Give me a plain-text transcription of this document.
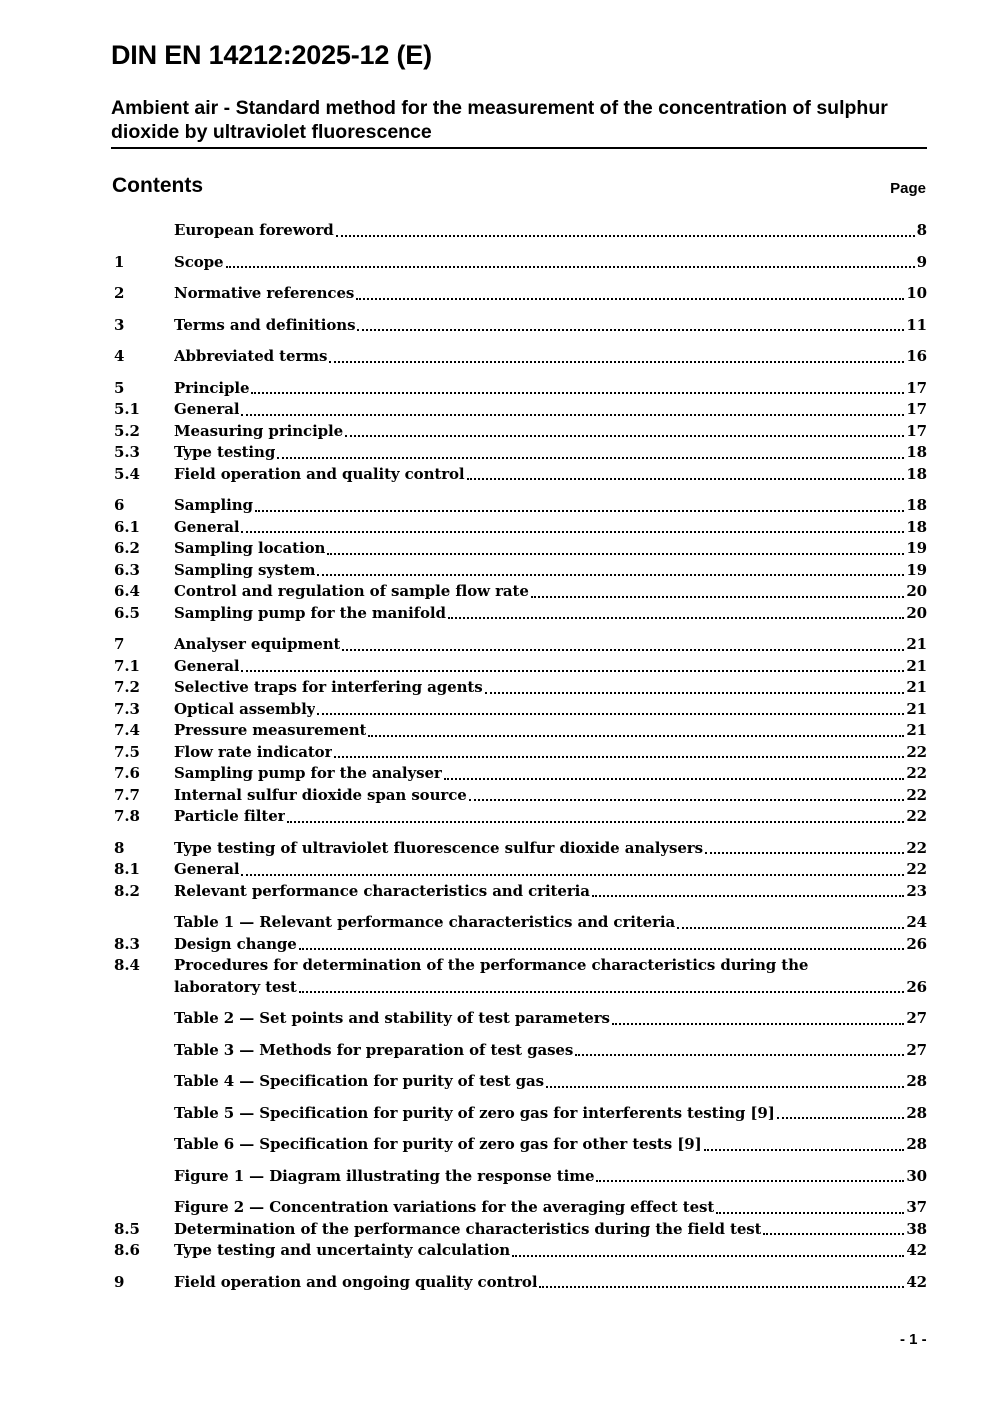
DIN EN 14212:2025-12 (E)
Ambient air - Standard method for the measurement of the concentration of sulphur dioxide by ultraviolet fluorescence
Contents	Page
European foreword	8
1	Scope	9
2	Normative references	10
3	Terms and definitions	11
4	Abbreviated terms	16
5	Principle	17
5.1	General	17
5.2	Measuring principle	17
5.3	Type testing	18
5.4	Field operation and quality control	18
6	Sampling	18
6.1	General	18
6.2	Sampling location	19
6.3	Sampling system	19
6.4	Control and regulation of sample flow rate	20
6.5	Sampling pump for the manifold	20
7	Analyser equipment	21
7.1	General	21
7.2	Selective traps for interfering agents	21
7.3	Optical assembly	21
7.4	Pressure measurement	21
7.5	Flow rate indicator	22
7.6	Sampling pump for the analyser	22
7.7	Internal sulfur dioxide span source	22
7.8	Particle filter	22
8	Type testing of ultraviolet fluorescence sulfur dioxide analysers	22
8.1	General	22
8.2	Relevant performance characteristics and criteria	23
Table 1 — Relevant performance characteristics and criteria	24
8.3	Design change	26
8.4	Procedures for determination of the performance characteristics during the
laboratory test	26
Table 2 — Set points and stability of test parameters	27
Table 3 — Methods for preparation of test gases	27
Table 4 — Specification for purity of test gas	28
Table 5 — Specification for purity of zero gas for interferents testing [9]	28
Table 6 — Specification for purity of zero gas for other tests [9]	28
Figure 1 — Diagram illustrating the response time	30
Figure 2 — Concentration variations for the averaging effect test	37
8.5	Determination of the performance characteristics during the field test	38
8.6	Type testing and uncertainty calculation	42
9	Field operation and ongoing quality control	42
- 1 -
